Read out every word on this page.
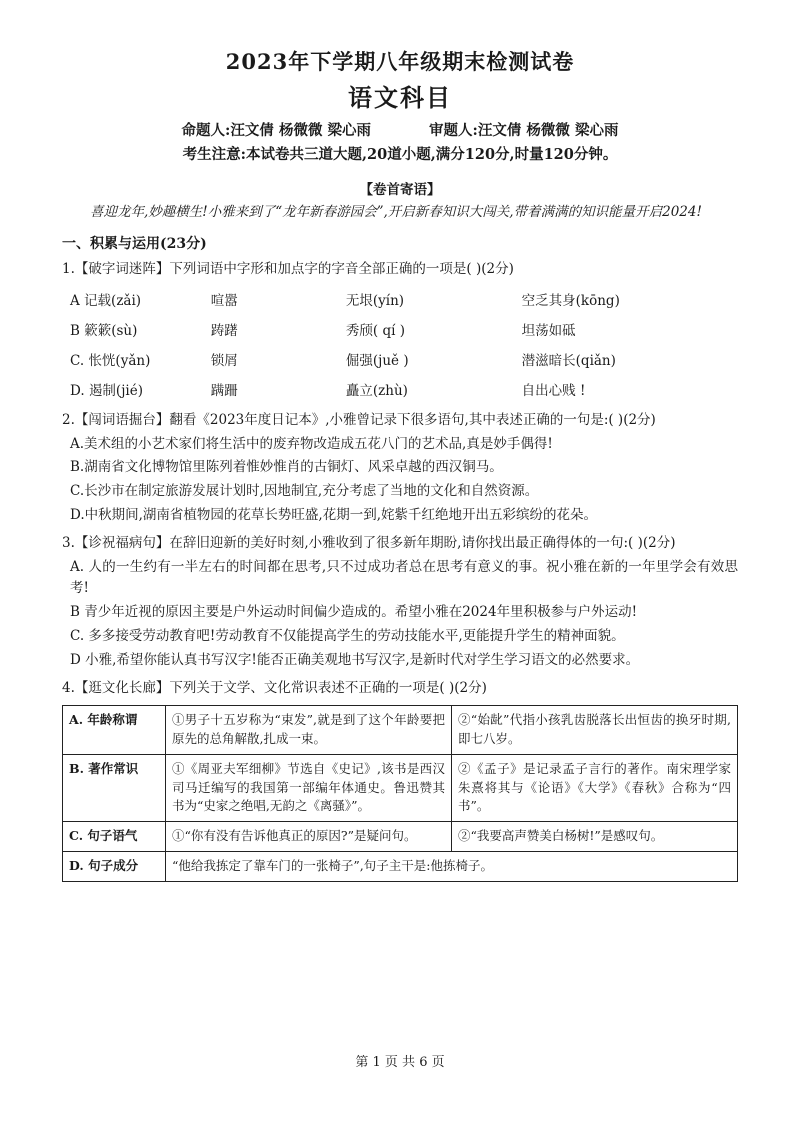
2023年下学期八年级期末检测试卷
语文科目
命题人:汪文倩 杨微微 梁心雨	审题人:汪文倩 杨微微 梁心雨
考生注意:本试卷共三道大题,20道小题,满分120分,时量120分钟。
【卷首寄语】

喜迎龙年,妙趣横生!小雅来到了“龙年新春游园会”,开启新春知识大闯关,带着满满的知识能量开启2024!

一、积累与运用(23分)

1.【破字词迷阵】下列词语中字形和加点字的字音全部正确的一项是( )(2分)

A 记载(zǎi)	喧嚣	无垠(yín)	空乏其身(kōng)
B 簌簌(sù)	踌躇	秀颀( qí )	坦荡如砥
C. 怅恍(yǎn)	锁屑	倔强(juě )	潜滋暗长(qiǎn)
D. 遏制(jié)	蹒跚	矗立(zhù)	自出心贱 !

2.【闯词语掘台】翻看《2023年度日记本》,小雅曾记录下很多语句,其中表述正确的一句是:( )(2分)

A.美术组的小艺术家们将生活中的废弃物改造成五花八门的艺术品,真是妙手偶得!

B.湖南省文化博物馆里陈列着惟妙惟肖的古铜灯、风采卓越的西汉铜马。

C.长沙市在制定旅游发展计划时,因地制宜,充分考虑了当地的文化和自然资源。

D.中秋期间,湖南省植物园的花草长势旺盛,花期一到,姹紫千红绝地开出五彩缤纷的花朵。

3.【诊祝福病句】在辞旧迎新的美好时刻,小雅收到了很多新年期盼,请你找出最正确得体的一句:( )(2分)

A. 人的一生约有一半左右的时间都在思考,只不过成功者总在思考有意义的事。祝小雅在新的一年里学会有效思考!

B 青少年近视的原因主要是户外运动时间偏少造成的。希望小雅在2024年里积极参与户外运动!

C. 多多接受劳动教育吧!劳动教育不仅能提高学生的劳动技能水平,更能提升学生的精神面貌。

D 小雅,希望你能认真书写汉字!能否正确美观地书写汉字,是新时代对学生学习语文的必然要求。

4.【逛文化长廊】下列关于文学、文化常识表述不正确的一项是( )(2分)

A. 年龄称谓	①男子十五岁称为“束发”,就是到了这个年龄要把原先的总角解散,扎成一束。	②“始龀”代指小孩乳齿脱落长出恒齿的换牙时期,即七八岁。
B. 著作常识	①《周亚夫军细柳》节选自《史记》,该书是西汉司马迁编写的我国第一部编年体通史。鲁迅赞其书为“史家之绝唱,无韵之《离骚》”。	②《孟子》是记录孟子言行的著作。南宋理学家朱熹将其与《论语》《大学》《春秋》合称为“四书”。
C. 句子语气	①“你有没有告诉他真正的原因?”是疑问句。	②“我要高声赞美白杨树!”是感叹句。
D. 句子成分	“他给我拣定了靠车门的一张椅子”,句子主干是:他拣椅子。	
第 1 页 共 6 页
